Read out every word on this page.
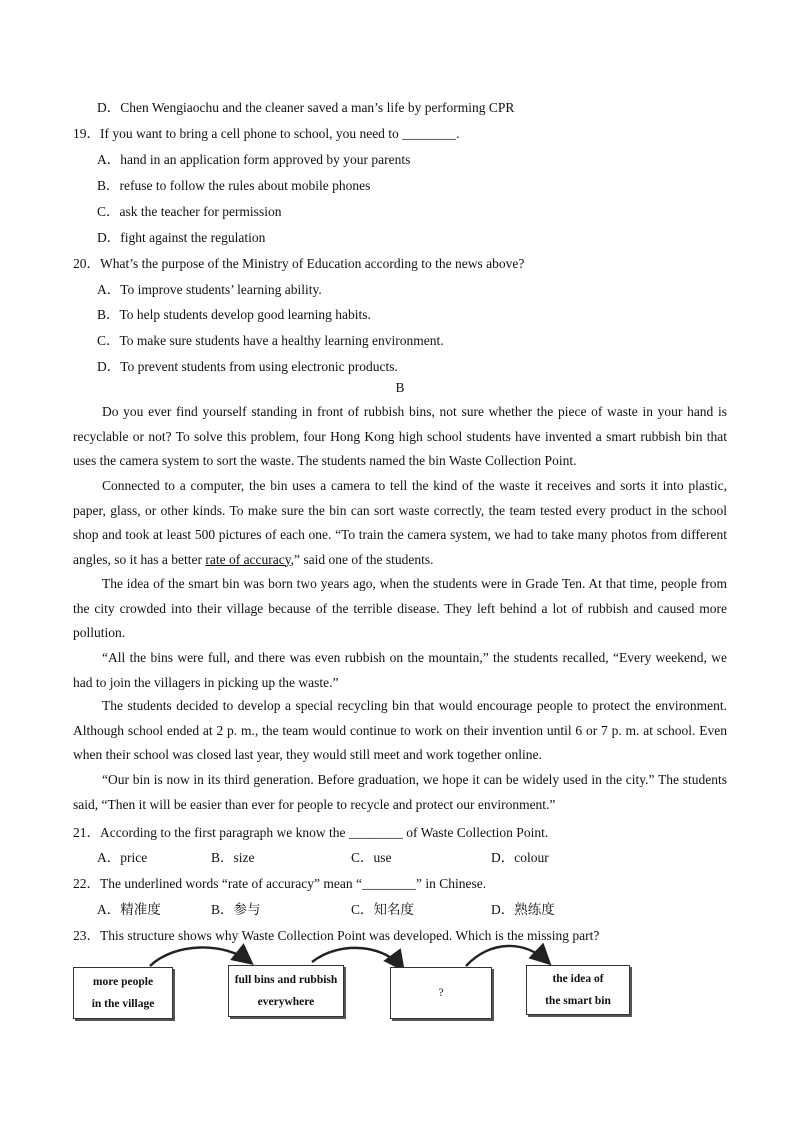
D．Chen Wengiaochu and the cleaner saved a man’s life by performing CPR
19．If you want to bring a cell phone to school, you need to ________.
A．hand in an application form approved by your parents
B．refuse to follow the rules about mobile phones
C．ask the teacher for permission
D．fight against the regulation
20．What’s the purpose of the Ministry of Education according to the news above?
A．To improve students’ learning ability.
B．To help students develop good learning habits.
C．To make sure students have a healthy learning environment.
D．To prevent students from using electronic products.
B

Do you ever find yourself standing in front of rubbish bins, not sure whether the piece of waste in your hand is recyclable or not? To solve this problem, four Hong Kong high school students have invented a smart rubbish bin that uses the camera system to sort the waste. The students named the bin Waste Collection Point.

Connected to a computer, the bin uses a camera to tell the kind of the waste it receives and sorts it into plastic, paper, glass, or other kinds. To make sure the bin can sort waste correctly, the team tested every product in the school shop and took at least 500 pictures of each one. “To train the camera system, we had to take many photos from different angles, so it has a better rate of accuracy,” said one of the students.

The idea of the smart bin was born two years ago, when the students were in Grade Ten. At that time, people from the city crowded into their village because of the terrible disease. They left behind a lot of rubbish and caused more pollution.

“All the bins were full, and there was even rubbish on the mountain,” the students recalled, “Every weekend, we had to join the villagers in picking up the waste.”

The students decided to develop a special recycling bin that would encourage people to protect the environment. Although school ended at 2 p. m., the team would continue to work on their invention until 6 or 7 p. m. at school. Even when their school was closed last year, they would still meet and work together online.

“Our bin is now in its third generation. Before graduation, we hope it can be widely used in the city.” The students said, “Then it will be easier than ever for people to recycle and protect our environment.”

21．According to the first paragraph we know the ________ of Waste Collection Point.
A．price	B．size	C．use	D．colour
22．The underlined words “rate of accuracy” mean “________” in Chinese.
A．精准度	B．参与	C．知名度	D．熟练度
23．This structure shows why Waste Collection Point was developed. Which is the missing part?
more people
in the village
full bins and rubbish
everywhere
?
the idea of
the smart bin
